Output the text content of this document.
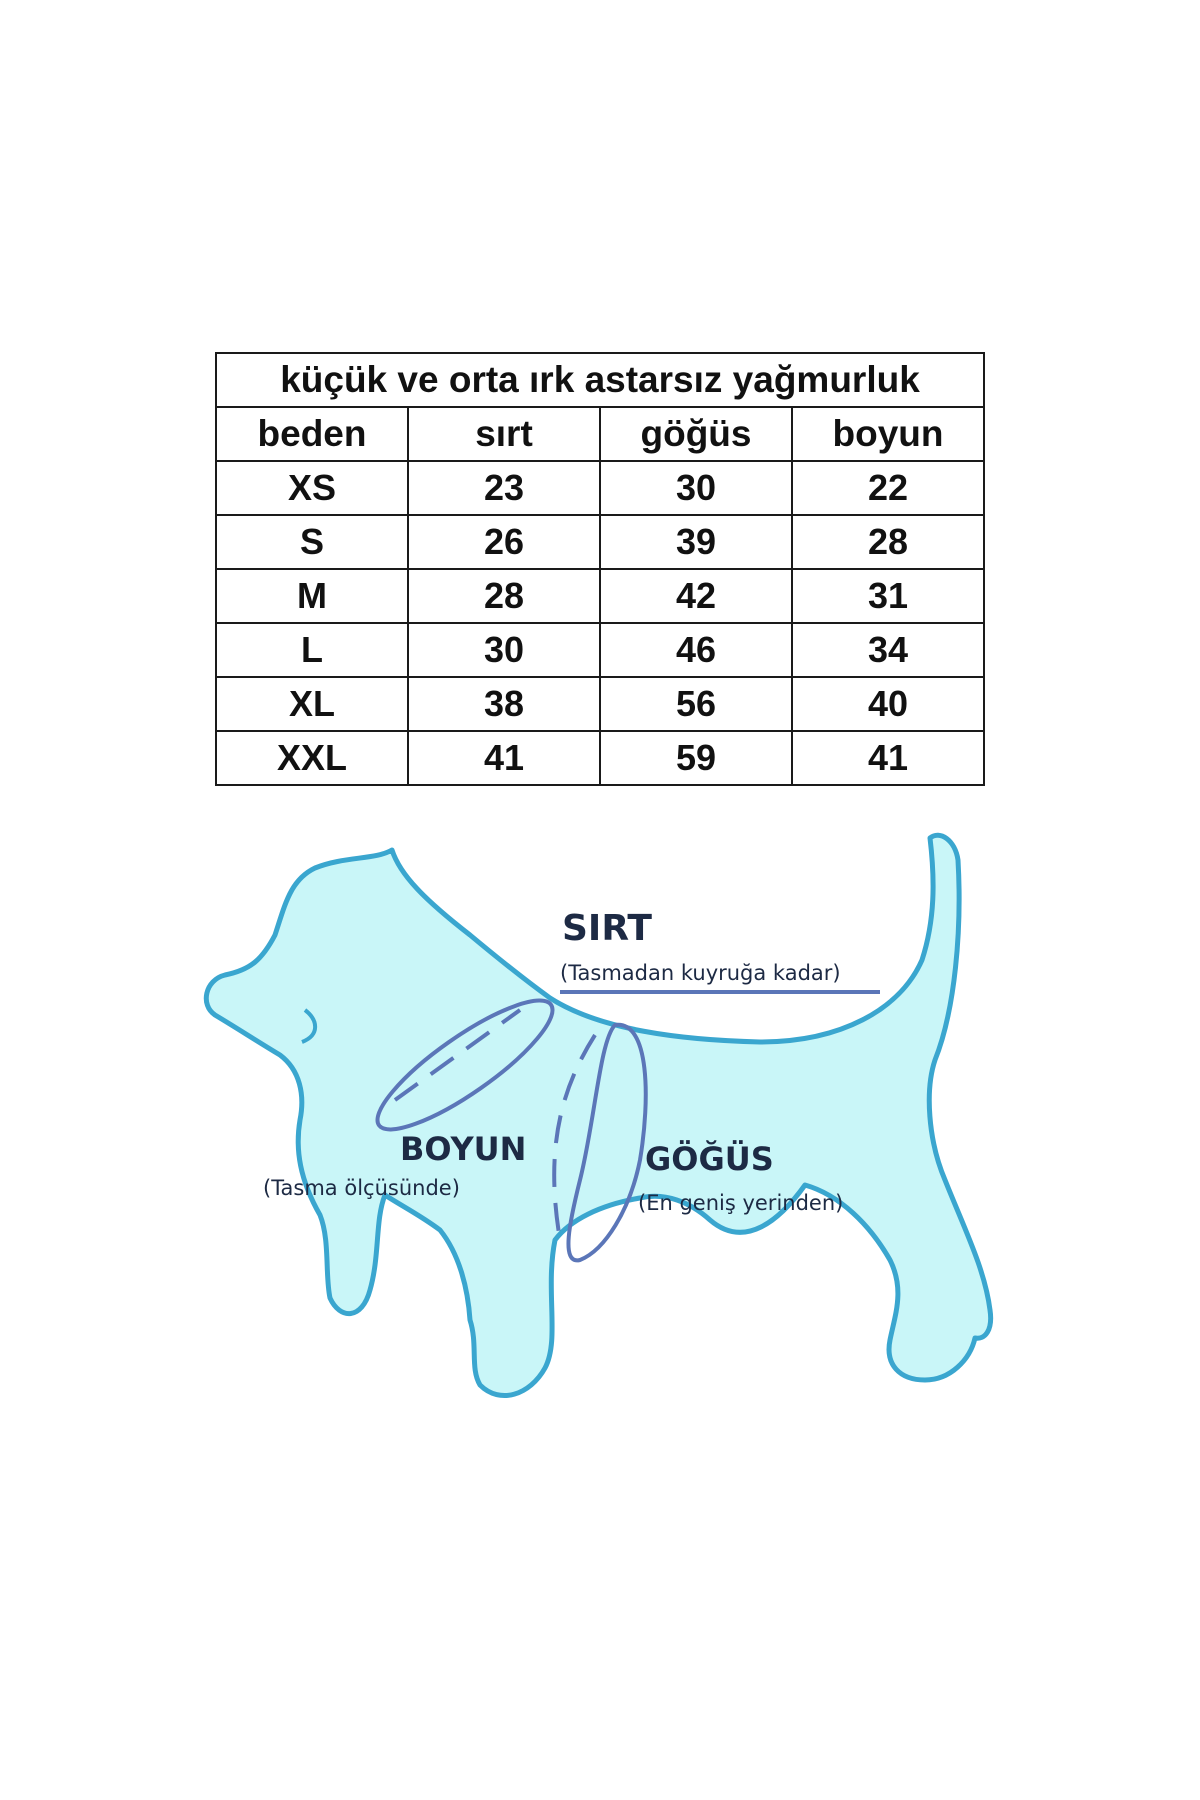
küçük ve orta ırk astarsız yağmurluk			
beden	sırt	göğüs	boyun
XS	23	30	22
S	26	39	28
M	28	42	31
L	30	46	34
XL	38	56	40
XXL	41	59	41
SIRT
(Tasmadan kuyruğa kadar)
BOYUN
(Tasma ölçüsünde)
GÖĞÜS
(En geniş yerinden)
